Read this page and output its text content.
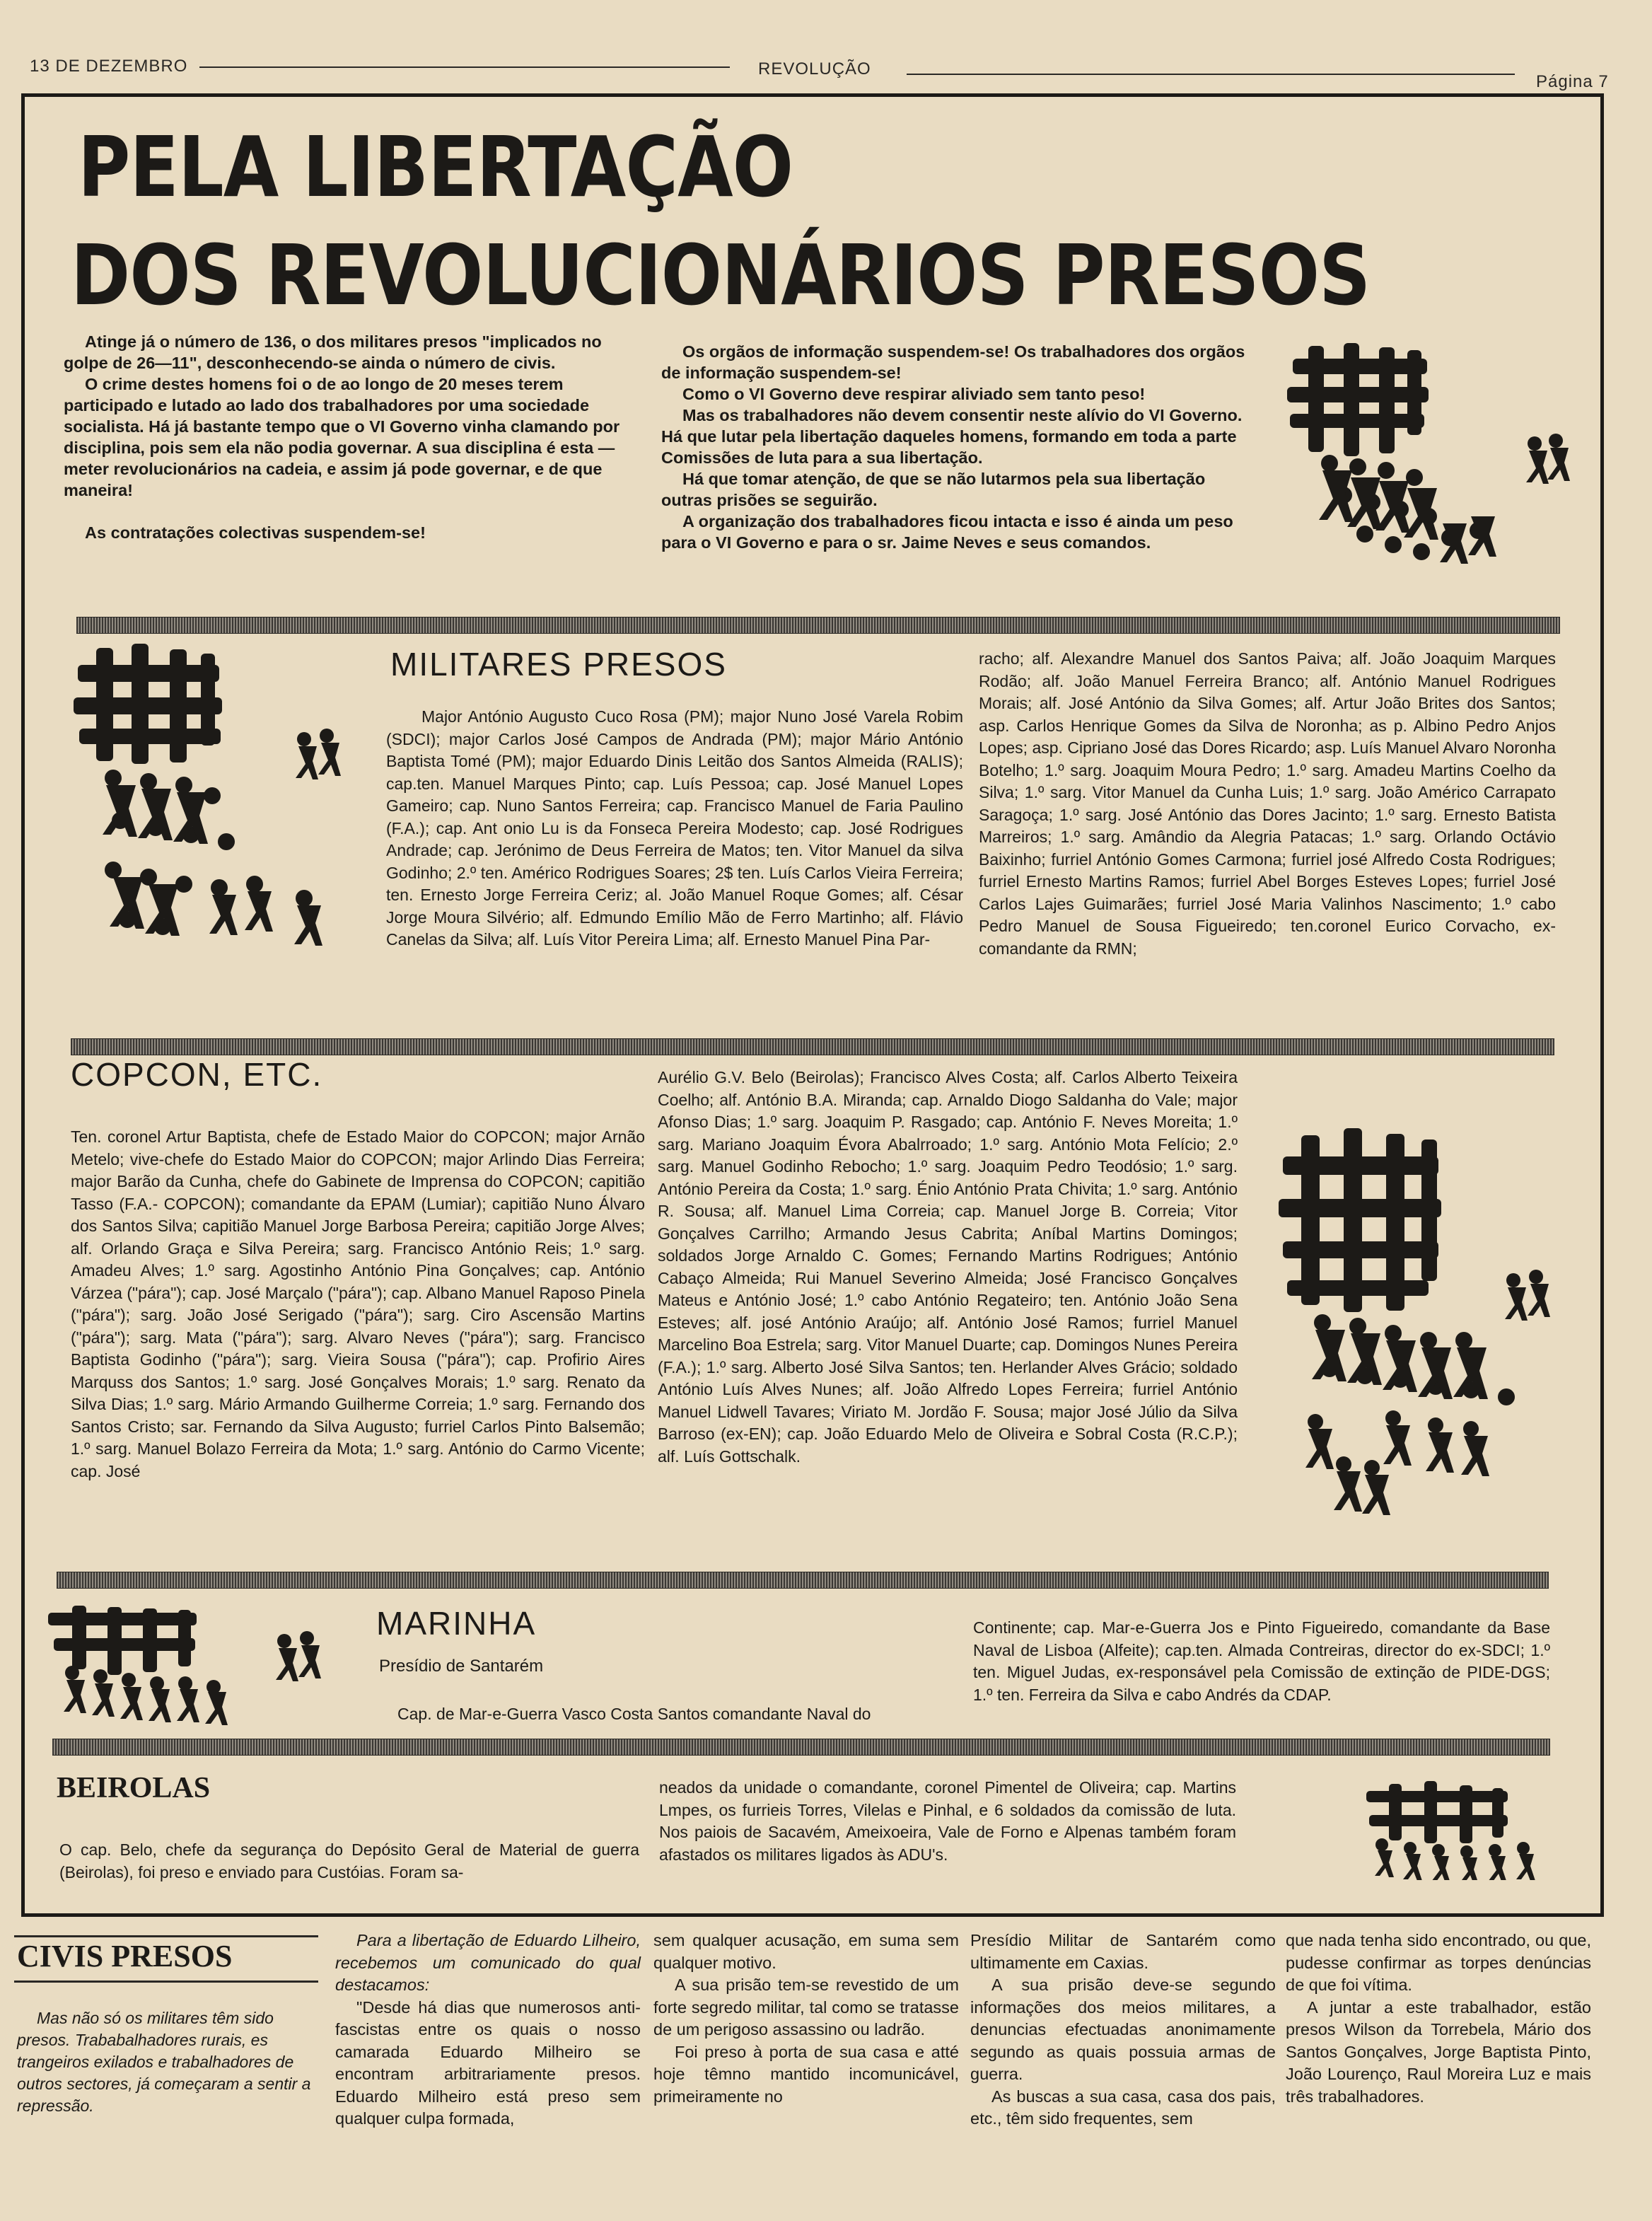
13 DE DEZEMBRO	REVOLUÇÃO
Página 7
PELA LIBERTAÇÃO
DOS REVOLUCIONÁRIOS PRESOS

Atinge já o número de 136, o dos militares presos "implicados no golpe de 26—11", desconhecendo-se ainda o número de civis.

O crime destes homens foi o de ao longo de 20 meses terem participado e lutado ao lado dos trabalhadores por uma sociedade socialista. Há já bastante tempo que o VI Governo vinha clamando por disciplina, pois sem ela não podia governar. A sua disciplina é esta — meter revolucionários na cadeia, e assim já pode governar, e de que maneira!

As contratações colectivas suspendem-se!

Os orgãos de informação suspendem-se! Os trabalhadores dos orgãos de informação suspendem-se!

Como o VI Governo deve respirar aliviado sem tanto peso!

Mas os trabalhadores não devem consentir neste alívio do VI Governo. Há que lutar pela libertação daqueles homens, formando em toda a parte Comissões de luta para a sua libertação.

Há que tomar atenção, de que se não lutarmos pela sua libertação outras prisões se seguirão.

A organização dos trabalhadores ficou intacta e isso é ainda um peso para o VI Governo e para o sr. Jaime Neves e seus comandos.

MILITARES PRESOS
Major António Augusto Cuco Rosa (PM); major Nuno José Varela Robim (SDCI); major Carlos José Campos de Andrada (PM); major Mário António Baptista Tomé (PM); major Eduardo Dinis Leitão dos Santos Almeida (RALIS); cap.ten. Manuel Marques Pinto; cap. Luís Pessoa; cap. José Manuel Lopes Gameiro; cap. Nuno Santos Ferreira; cap. Francisco Manuel de Faria Paulino (F.A.); cap. Ant onio Lu is da Fonseca Pereira Modesto; cap. José Rodrigues Andrade; cap. Jerónimo de Deus Ferreira de Matos; ten. Vitor Manuel da silva Godinho; 2.º ten. Américo Rodrigues Soares; 2$ ten. Luís Carlos Vieira Ferreira; ten. Ernesto Jorge Ferreira Ceriz; al. João Manuel Roque Gomes; alf. César Jorge Moura Silvério; alf. Edmundo Emílio Mão de Ferro Martinho; alf. Flávio Canelas da Silva; alf. Luís Vitor Pereira Lima; alf. Ernesto Manuel Pina Par-
racho; alf. Alexandre Manuel dos Santos Paiva; alf. João Joaquim Marques Rodão; alf. João Manuel Ferreira Branco; alf. António Manuel Rodrigues Morais; alf. José António da Silva Gomes; alf. Artur João Brites dos Santos; asp. Carlos Henrique Gomes da Silva de Noronha; as p. Albino Pedro Anjos Lopes; asp. Cipriano José das Dores Ricardo; asp. Luís Manuel Alvaro Noronha Botelho; 1.º sarg. Joaquim Moura Pedro; 1.º sarg. Amadeu Martins Coelho da Silva; 1.º sarg. Vitor Manuel da Cunha Luis; 1.º sarg. João Américo Carrapato Saragoça; 1.º sarg. José António das Dores Jacinto; 1.º sarg. Ernesto Batista Marreiros; 1.º sarg. Amândio da Alegria Patacas; 1.º sarg. Orlando Octávio Baixinho; furriel António Gomes Carmona; furriel josé Alfredo Costa Rodrigues; furriel Ernesto Martins Ramos; furriel Abel Borges Esteves Lopes; furriel José Carlos Lajes Guimarães; furriel José Maria Valinhos Nascimento; 1.º cabo Pedro Manuel de Sousa Figueiredo; ten.coronel Eurico Corvacho, ex-comandante da RMN;
COPCON, ETC.
Ten. coronel Artur Baptista, chefe de Estado Maior do COPCON; major Arnão Metelo; vive-chefe do Estado Maior do COPCON; major Arlindo Dias Ferreira; major Barão da Cunha, chefe do Gabinete de Imprensa do COPCON; capitião Tasso (F.A.- COPCON); comandante da EPAM (Lumiar); capitião Nuno Álvaro dos Santos Silva; capitião Manuel Jorge Barbosa Pereira; capitião Jorge Alves; alf. Orlando Graça e Silva Pereira; sarg. Francisco António Reis; 1.º sarg. Amadeu Alves; 1.º sarg. Agostinho António Pina Gonçalves; cap. António Várzea ("pára"); cap. José Marçalo ("pára"); cap. Albano Manuel Raposo Pinela ("pára"); sarg. João José Serigado ("pára"); sarg. Ciro Ascensão Martins ("pára"); sarg. Mata ("pára"); sarg. Alvaro Neves ("pára"); sarg. Francisco Baptista Godinho ("pára"); sarg. Vieira Sousa ("pára"); cap. Profirio Aires Marquss dos Santos; 1.º sarg. José Gonçalves Morais; 1.º sarg. Renato da Silva Dias; 1.º sarg. Mário Armando Guilherme Correia; 1.º sarg. Fernando dos Santos Cristo; sar. Fernando da Silva Augusto; furriel Carlos Pinto Balsemão; 1.º sarg. Manuel Bolazo Ferreira da Mota; 1.º sarg. António do Carmo Vicente; cap. José
Aurélio G.V. Belo (Beirolas); Francisco Alves Costa; alf. Carlos Alberto Teixeira Coelho; alf. António B.A. Miranda; cap. Arnaldo Diogo Saldanha do Vale; major Afonso Dias; 1.º sarg. Joaquim P. Rasgado; cap. António F. Neves Moreita; 1.º sarg. Mariano Joaquim Évora Abalrroado; 1.º sarg. António Mota Felício; 2.º sarg. Manuel Godinho Rebocho; 1.º sarg. Joaquim Pedro Teodósio; 1.º sarg. António Pereira da Costa; 1.º sarg. Énio António Prata Chivita; 1.º sarg. António R. Sousa; alf. Manuel Lima Correia; cap. Manuel Jorge B. Correia; Vitor Gonçalves Carrilho; Armando Jesus Cabrita; Aníbal Martins Domingos; soldados Jorge Arnaldo C. Gomes; Fernando Martins Rodrigues; António Cabaço Almeida; Rui Manuel Severino Almeida; José Francisco Gonçalves Mateus e António José; 1.º cabo António Regateiro; ten. António João Sena Esteves; alf. josé António Araújo; alf. António José Ramos; furriel Manuel Marcelino Boa Estrela; sarg. Vitor Manuel Duarte; cap. Domingos Nunes Pereira (F.A.); 1.º sarg. Alberto José Silva Santos; ten. Herlander Alves Grácio; soldado António Luís Alves Nunes; alf. João Alfredo Lopes Ferreira; furriel António Manuel Lidwell Tavares; Viriato M. Jordão F. Sousa; major José Júlio da Silva Barroso (ex-EN); cap. João Eduardo Melo de Oliveira e Sobral Costa (R.C.P.); alf. Luís Gottschalk.
MARINHA
Presídio de Santarém
Cap. de Mar-e-Guerra Vasco Costa Santos comandante Naval do
Continente; cap. Mar-e-Guerra Jos e Pinto Figueiredo, comandante da Base Naval de Lisboa (Alfeite); cap.ten. Almada Contreiras, director do ex-SDCI; 1.º ten. Miguel Judas, ex-responsável pela Comissão de extinção de PIDE-DGS; 1.º ten. Ferreira da Silva e cabo Andrés da CDAP.
BEIROLAS
O cap. Belo, chefe da segurança do Depósito Geral de Material de guerra (Beirolas), foi preso e enviado para Custóias. Foram sa-
neados da unidade o comandante, coronel Pimentel de Oliveira; cap. Martins Lmpes, os furrieis Torres, Vilelas e Pinhal, e 6 soldados da comissão de luta. Nos paiois de Sacavém, Ameixoeira, Vale de Forno e Alpenas também foram afastados os militares ligados às ADU's.
CIVIS PRESOS
Mas não só os militares têm sido presos. Trababalhadores rurais, es trangeiros exilados e trabalhadores de outros sectores, já começaram a sentir a repressão.

Para a libertação de Eduardo Lilheiro, recebemos um comunicado do qual destacamos:

"Desde há dias que numerosos anti-fascistas entre os quais o nosso camarada Eduardo Milheiro se encontram arbitrariamente presos. Eduardo Milheiro está preso sem qualquer culpa formada,

sem qualquer acusação, em suma sem qualquer motivo.

A sua prisão tem-se revestido de um forte segredo militar, tal como se tratasse de um perigoso assassino ou ladrão.

Foi preso à porta de sua casa e atté hoje têmno mantido incomunicável, primeiramente no

Presídio Militar de Santarém como ultimamente em Caxias.

A sua prisão deve-se segundo informações dos meios militares, a denuncias efectuadas anonimamente segundo as quais possuia armas de guerra.

As buscas a sua casa, casa dos pais, etc., têm sido frequentes, sem

que nada tenha sido encontrado, ou que, pudesse confirmar as torpes denúncias de que foi vítima.

A juntar a este trabalhador, estão presos Wilson da Torrebela, Mário dos Santos Gonçalves, Jorge Baptista Pinto, João Lourenço, Raul Moreira Luz e mais três trabalhadores.
